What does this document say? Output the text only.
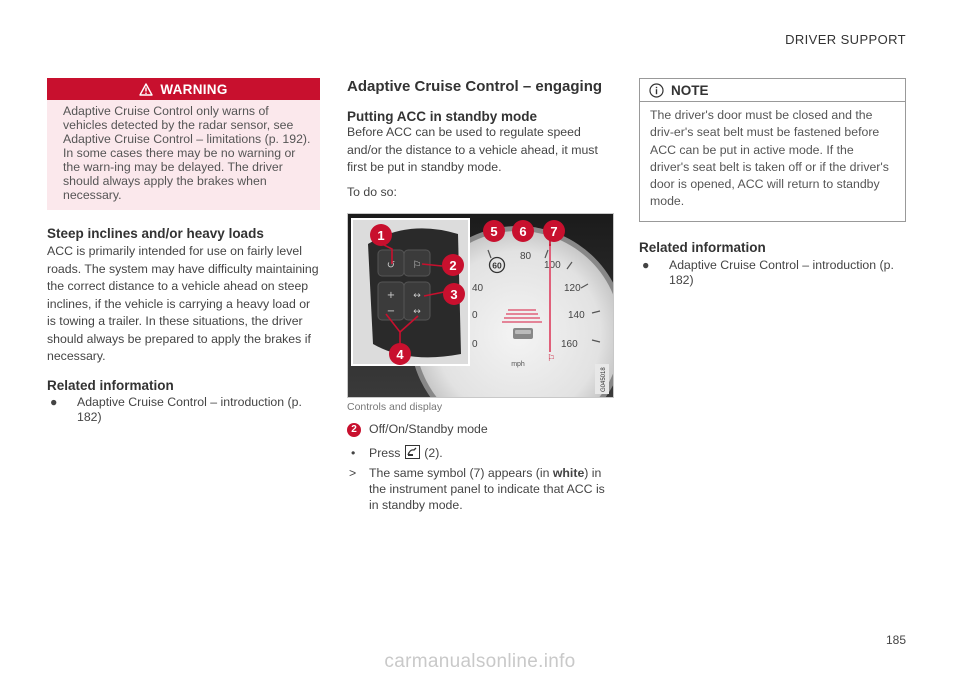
DRIVER SUPPORT
WARNING
Adaptive Cruise Control only warns of vehicles detected by the radar sensor, see Adaptive Cruise Control – limitations (p. 192). In some cases there may be no warning or the warn-ing may be delayed. The driver should always apply the brakes when necessary.
Steep inclines and/or heavy loads

ACC is primarily intended for use on fairly level roads. The system may have difficulty maintaining the correct distance to a vehicle ahead on steep inclines, if the vehicle is carrying a heavy load or is towing a trailer. In these situations, the driver should always be prepared to apply the brakes if necessary.

Related information
●	Adaptive Cruise Control – introduction (p. 182)
Adaptive Cruise Control – engaging
Putting ACC in standby mode

Before ACC can be used to regulate speed and/or the distance to a vehicle ahead, it must first be put in standby mode.

To do so:

40
80
100
120
140
160
0
0
60
⚐
mph
G045018
↺ ⚐
+
−
↔
↔
1
2
3
4
5 6 7
Controls and display
2 Off/On/Standby mode
•	Press (2).
>	The same symbol (7) appears (in white) in the instrument panel to indicate that ACC is in standby mode.
NOTE
The driver's door must be closed and the driv-er's seat belt must be fastened before ACC can be put in active mode. If the driver's seat belt is taken off or if the driver's door is opened, ACC will return to standby mode.
Related information
●	Adaptive Cruise Control – introduction (p. 182)
185
carmanualsonline.info
